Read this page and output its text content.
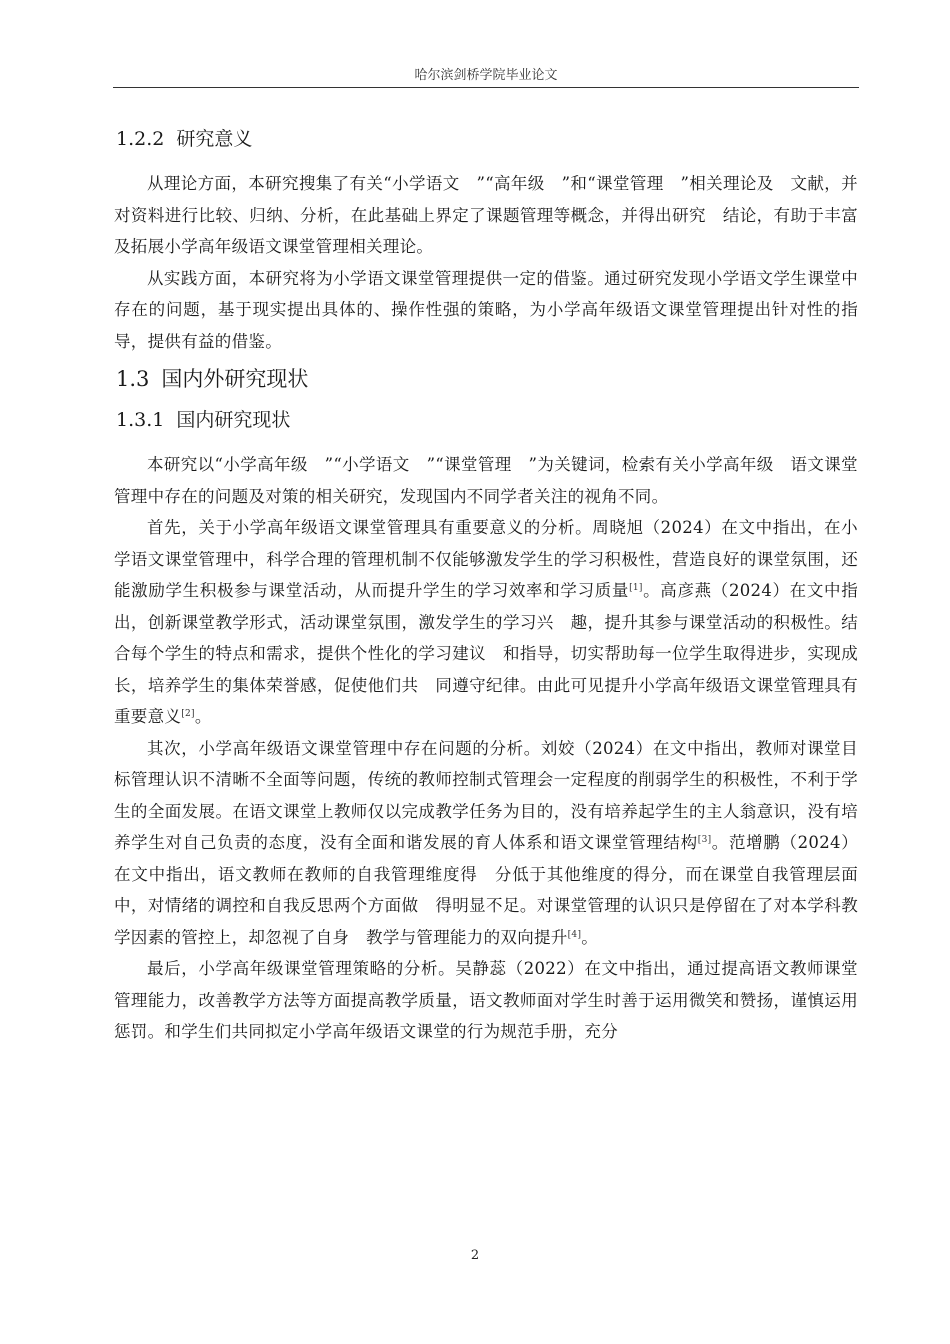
哈尔滨剑桥学院毕业论文
1.2.2 研究意义

从理论方面，本研究搜集了有关“小学语文　”“高年级　”和“课堂管理　”相关理论及　文献，并对资料进行比较、归纳、分析，在此基础上界定了课题管理等概念，并得出研究　结论，有助于丰富及拓展小学高年级语文课堂管理相关理论。

从实践方面，本研究将为小学语文课堂管理提供一定的借鉴。通过研究发现小学语文学生课堂中存在的问题，基于现实提出具体的、操作性强的策略，为小学高年级语文课堂管理提出针对性的指导，提供有益的借鉴。

1.3 国内外研究现状
1.3.1 国内研究现状

本研究以“小学高年级　”“小学语文　”“课堂管理　”为关键词，检索有关小学高年级　语文课堂管理中存在的问题及对策的相关研究，发现国内不同学者关注的视角不同。

首先，关于小学高年级语文课堂管理具有重要意义的分析。周晓旭（2024）在文中指出，在小学语文课堂管理中，科学合理的管理机制不仅能够激发学生的学习积极性，营造良好的课堂氛围，还能激励学生积极参与课堂活动，从而提升学生的学习效率和学习质量[1]。高彦燕（2024）在文中指出，创新课堂教学形式，活动课堂氛围，激发学生的学习兴　趣，提升其参与课堂活动的积极性。结合每个学生的特点和需求，提供个性化的学习建议　和指导，切实帮助每一位学生取得进步，实现成长，培养学生的集体荣誉感，促使他们共　同遵守纪律。由此可见提升小学高年级语文课堂管理具有重要意义[2]。

其次，小学高年级语文课堂管理中存在问题的分析。刘姣（2024）在文中指出，教师对课堂目标管理认识不清晰不全面等问题，传统的教师控制式管理会一定程度的削弱学生的积极性，不利于学生的全面发展。在语文课堂上教师仅以完成教学任务为目的，没有培养起学生的主人翁意识，没有培养学生对自己负责的态度，没有全面和谐发展的育人体系和语文课堂管理结构[3]。范增鹏（2024）在文中指出，语文教师在教师的自我管理维度得　分低于其他维度的得分，而在课堂自我管理层面中，对情绪的调控和自我反思两个方面做　得明显不足。对课堂管理的认识只是停留在了对本学科教学因素的管控上，却忽视了自身　教学与管理能力的双向提升[4]。

最后，小学高年级课堂管理策略的分析。吴静蕊（2022）在文中指出，通过提高语文教师课堂管理能力，改善教学方法等方面提高教学质量，语文教师面对学生时善于运用微笑和赞扬，谨慎运用惩罚。和学生们共同拟定小学高年级语文课堂的行为规范手册，充分

2
